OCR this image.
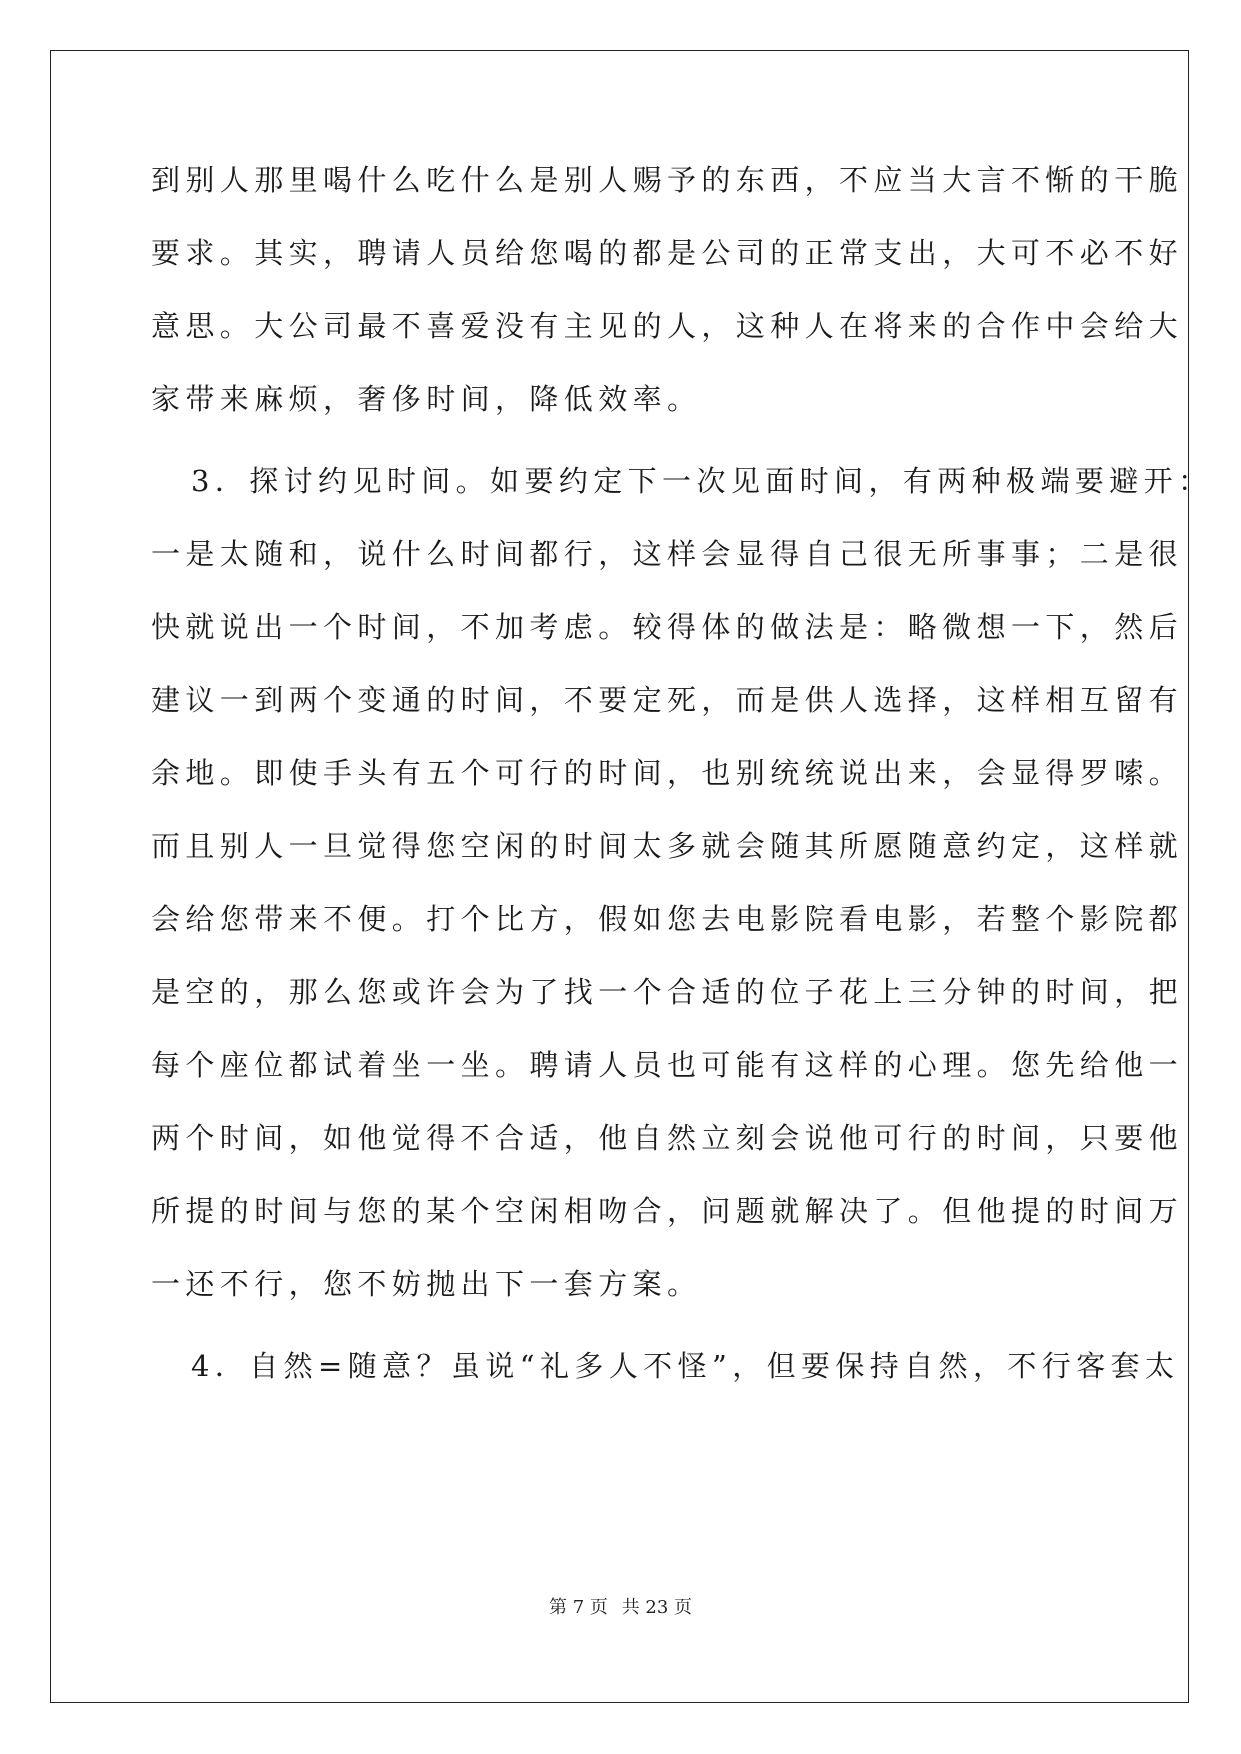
到别人那里喝什么吃什么是别人赐予的东西，不应当大言不惭的干脆
要求。其实，聘请人员给您喝的都是公司的正常支出，大可不必不好
意思。大公司最不喜爱没有主见的人，这种人在将来的合作中会给大
家带来麻烦，奢侈时间，降低效率。
3．探讨约见时间。如要约定下一次见面时间，有两种极端要避开：
一是太随和，说什么时间都行，这样会显得自己很无所事事；二是很
快就说出一个时间，不加考虑。较得体的做法是：略微想一下，然后
建议一到两个变通的时间，不要定死，而是供人选择，这样相互留有
余地。即使手头有五个可行的时间，也别统统说出来，会显得罗嗦。
而且别人一旦觉得您空闲的时间太多就会随其所愿随意约定，这样就
会给您带来不便。打个比方，假如您去电影院看电影，若整个影院都
是空的，那么您或许会为了找一个合适的位子花上三分钟的时间，把
每个座位都试着坐一坐。聘请人员也可能有这样的心理。您先给他一
两个时间，如他觉得不合适，他自然立刻会说他可行的时间，只要他
所提的时间与您的某个空闲相吻合，问题就解决了。但他提的时间万
一还不行，您不妨抛出下一套方案。
4．自然=随意？虽说“礼多人不怪”，但要保持自然，不行客套太
第 7 页 共 23 页
